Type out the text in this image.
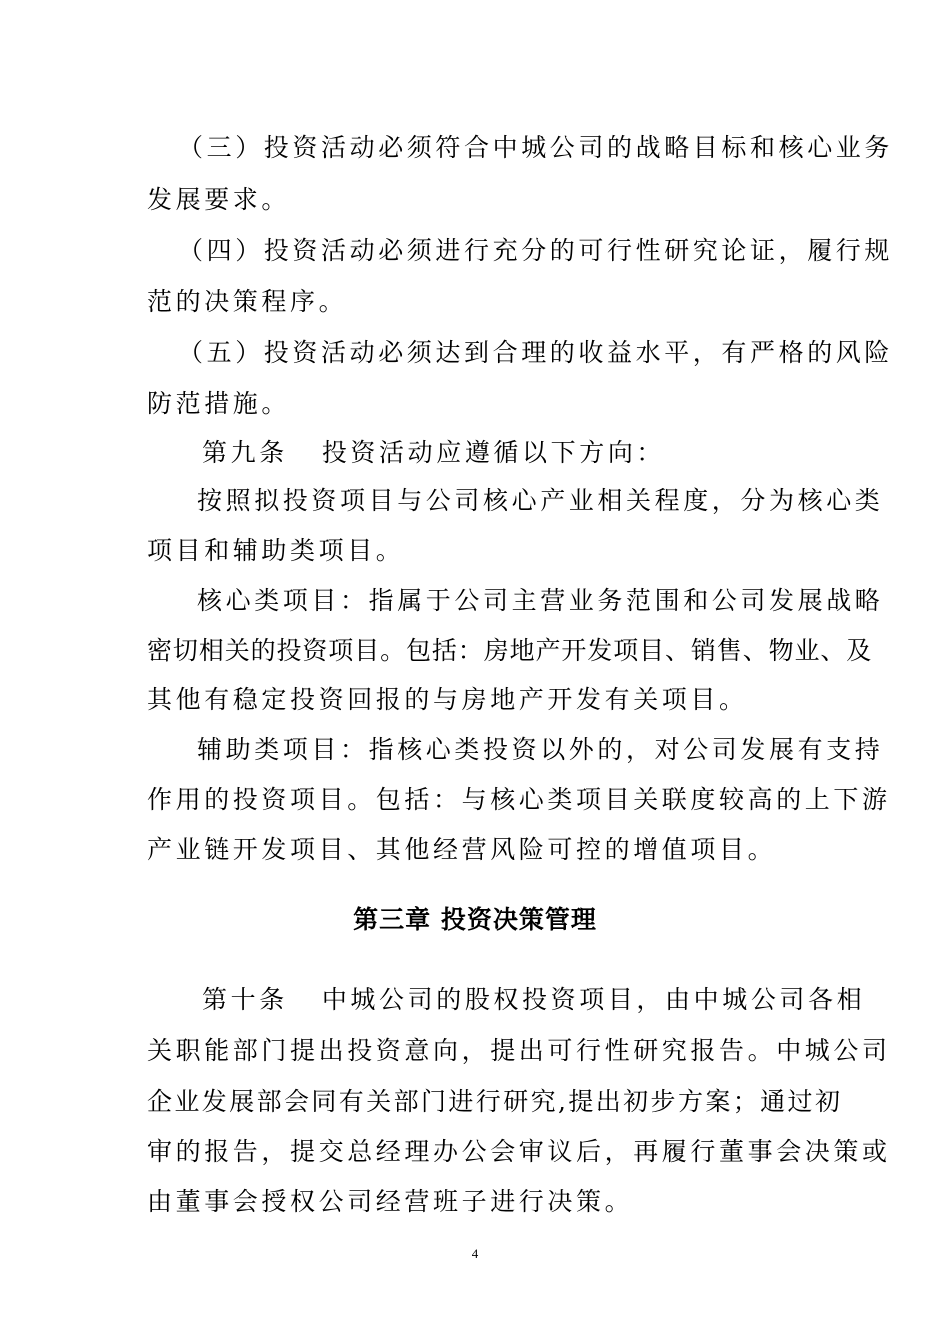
（三）投资活动必须符合中城公司的战略目标和核心业务
发展要求。
（四）投资活动必须进行充分的可行性研究论证，履行规
范的决策程序。
（五）投资活动必须达到合理的收益水平，有严格的风险
防范措施。
第九条 投资活动应遵循以下方向：
按照拟投资项目与公司核心产业相关程度，分为核心类
项目和辅助类项目。
核心类项目：指属于公司主营业务范围和公司发展战略
密切相关的投资项目。包括：房地产开发项目、销售、物业、及
其他有稳定投资回报的与房地产开发有关项目。
辅助类项目：指核心类投资以外的，对公司发展有支持
作用的投资项目。包括：与核心类项目关联度较高的上下游
产业链开发项目、其他经营风险可控的增值项目。
第三章 投资决策管理
第十条 中城公司的股权投资项目，由中城公司各相
关职能部门提出投资意向，提出可行性研究报告。中城公司
企业发展部会同有关部门进行研究,提出初步方案；通过初
审的报告，提交总经理办公会审议后，再履行董事会决策或
由董事会授权公司经营班子进行决策。
4
